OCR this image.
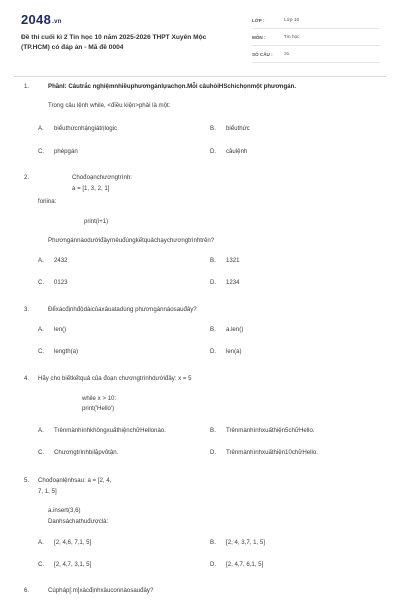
2048.vn
Đề thi cuối kì 2 Tin học 10 năm 2025-2026 THPT Xuyên Mộc (TP.HCM) có đáp án - Mã đề 0004
LỚP :	Lớp 10
MÔN :	Tin học
SỐ CÂU : 31
1.	PhầnI: Câutrắc nghiệmnhiềuphươngánlựachọn.Mỗi câuhỏiHSchichọnmột phươngán.
Trong câu lệnh while, <điều kiện>phải là một:
A. biểuthứcnhậngiátrịlogic	B. biểuthức
C. phépgán	D. câulệnh
2.	Chođoạnchươngtrình:
a = [1, 3, 2, 1]
foriina:
print(i+1)
Phươngánnàodướiđâyrnêuđúngkếtquảchạychươngtrìnhtrên?
A. 2432	B. 1321
C. 0123	D. 1234
3.	Đểxácđịnhđộdàicủaxâuatadùng phươngánnàosauđây?
A. len()	B. a.len()
C. length(a)	D. len(a)
4. Hãy cho biếtkếtquả của đoạn chươngtrìnhdướiđây: x = 5
while x > 10:
print('Hello')
A. TrênmànhìnhkhôngxuấthiệnchữHellonào.	B. Trênmànhìnhxuấthiện5chữHello.
C. Chươngtrìnhbịlặpvôtận.	D. Trênmànhìnhxuấthiện10chữHello.
5. Chođoạnlệnhsau: a = [2, 4,
7, 1, 5]
a.insert(3,6)
Danhsáchathuđượclà:
A. [2, 4,6, 7,1, 5]	B. [2, 4, 3,7, 1, 5]
C. [2, 4,7, 3,1, 5]	D. [2, 4,7, 6,1, 5]
6.	Cúpháp[:m]xácđịnhxâuconnàosauđây?
